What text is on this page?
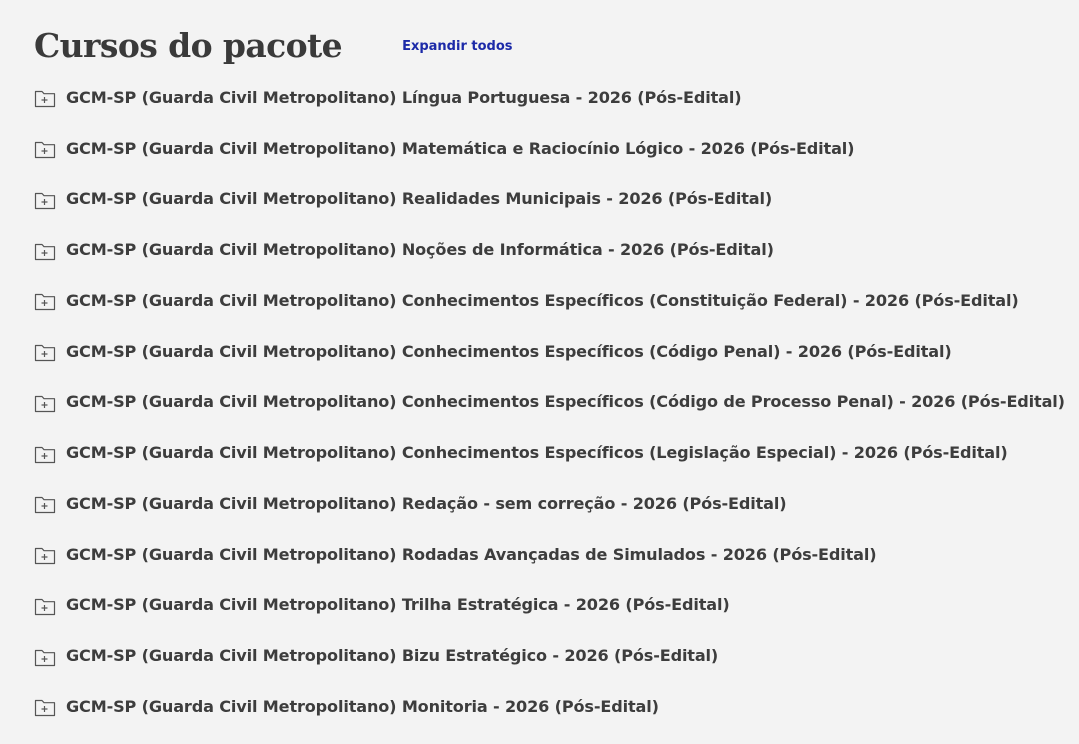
Cursos do pacote	Expandir todos
GCM-SP (Guarda Civil Metropolitano) Língua Portuguesa - 2026 (Pós-Edital)
GCM-SP (Guarda Civil Metropolitano) Matemática e Raciocínio Lógico - 2026 (Pós-Edital)
GCM-SP (Guarda Civil Metropolitano) Realidades Municipais - 2026 (Pós-Edital)
GCM-SP (Guarda Civil Metropolitano) Noções de Informática - 2026 (Pós-Edital)
GCM-SP (Guarda Civil Metropolitano) Conhecimentos Específicos (Constituição Federal) - 2026 (Pós-Edital)
GCM-SP (Guarda Civil Metropolitano) Conhecimentos Específicos (Código Penal) - 2026 (Pós-Edital)
GCM-SP (Guarda Civil Metropolitano) Conhecimentos Específicos (Código de Processo Penal) - 2026 (Pós-Edital)
GCM-SP (Guarda Civil Metropolitano) Conhecimentos Específicos (Legislação Especial) - 2026 (Pós-Edital)
GCM-SP (Guarda Civil Metropolitano) Redação - sem correção - 2026 (Pós-Edital)
GCM-SP (Guarda Civil Metropolitano) Rodadas Avançadas de Simulados - 2026 (Pós-Edital)
GCM-SP (Guarda Civil Metropolitano) Trilha Estratégica - 2026 (Pós-Edital)
GCM-SP (Guarda Civil Metropolitano) Bizu Estratégico - 2026 (Pós-Edital)
GCM-SP (Guarda Civil Metropolitano) Monitoria - 2026 (Pós-Edital)
